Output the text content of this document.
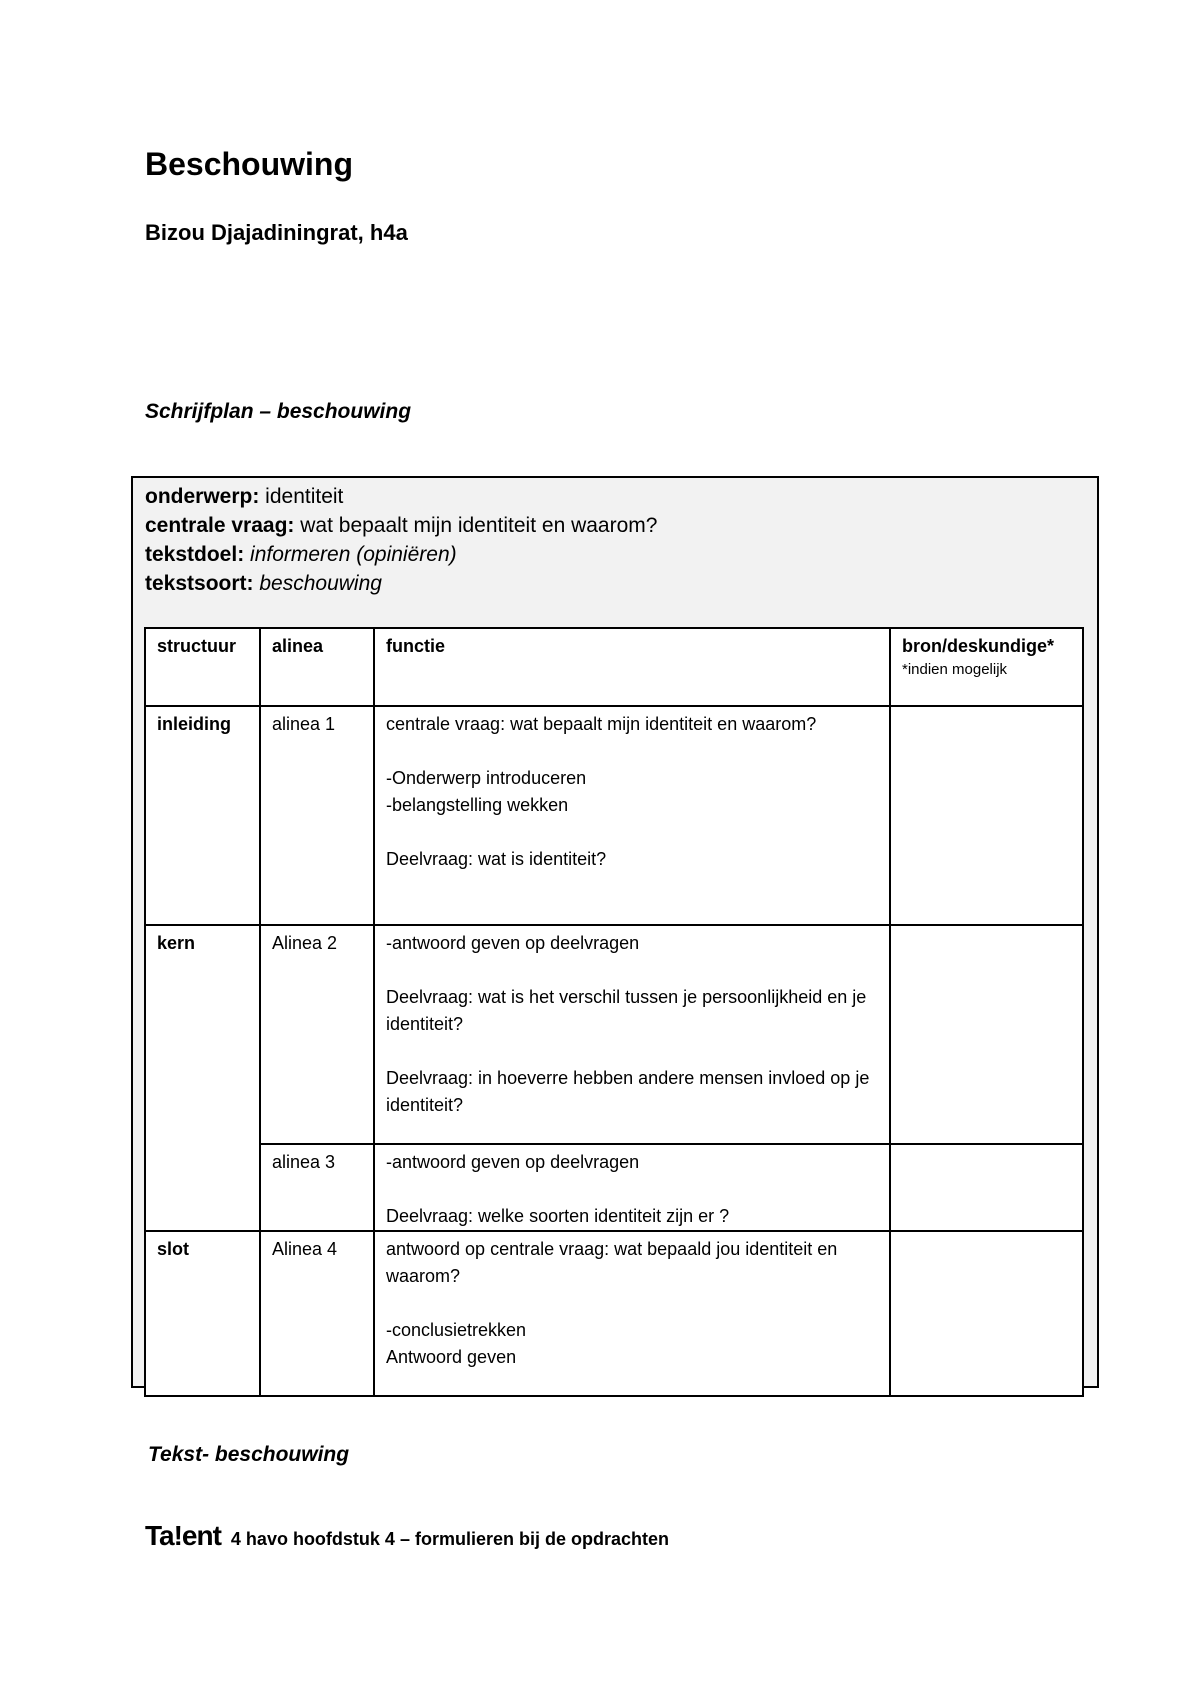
Beschouwing
Bizou Djajadiningrat, h4a
Schrijfplan – beschouwing
onderwerp: identiteit
centrale vraag: wat bepaalt mijn identiteit en waarom?
tekstdoel: informeren (opiniëren)
tekstsoort: beschouwing
structuur	alinea	functie	bron/deskundige*
*indien mogelijk

inleiding	alinea 1	centrale vraag: wat bepaalt mijn identiteit en waarom?

-Onderwerp introduceren

-belangstelling wekken

Deelvraag: wat is identiteit?	

kern	Alinea 2	-antwoord geven op deelvragen

Deelvraag: wat is het verschil tussen je persoonlijkheid en je identiteit?

Deelvraag: in hoeverre hebben andere mensen invloed op je identiteit?	

	alinea 3	-antwoord geven op deelvragen

Deelvraag: welke soorten identiteit zijn er ?	

slot	Alinea 4	antwoord op centrale vraag: wat bepaald jou identiteit en waarom?

-conclusietrekken

Antwoord geven	

Tekst- beschouwing
Ta!ent 4 havo hoofdstuk 4 – formulieren bij de opdrachten
